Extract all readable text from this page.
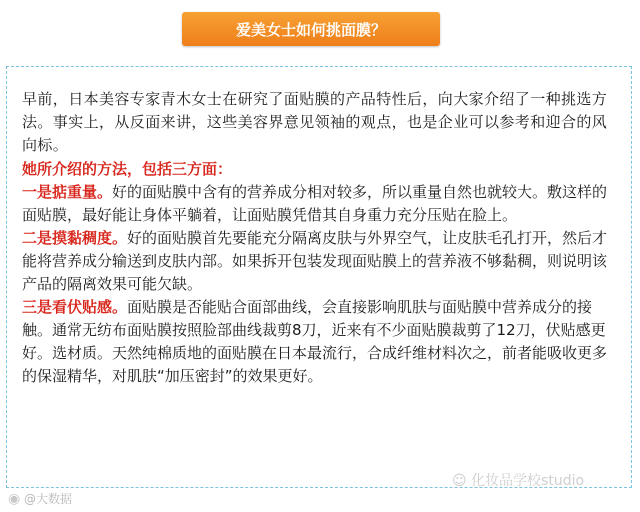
爱美女士如何挑面膜？

早前，日本美容专家青木女士在研究了面贴膜的产品特性后，向大家介绍了一种挑选方法。事实上，从反面来讲，这些美容界意见领袖的观点，也是企业可以参考和迎合的风向标。

她所介绍的方法，包括三方面：

一是掂重量。好的面贴膜中含有的营养成分相对较多，所以重量自然也就较大。敷这样的面贴膜，最好能让身体平躺着，让面贴膜凭借其自身重力充分压贴在脸上。

二是摸黏稠度。好的面贴膜首先要能充分隔离皮肤与外界空气，让皮肤毛孔打开，然后才能将营养成分输送到皮肤内部。如果拆开包装发现面贴膜上的营养液不够黏稠，则说明该产品的隔离效果可能欠缺。

三是看伏贴感。面贴膜是否能贴合面部曲线，会直接影响肌肤与面贴膜中营养成分的接触。通常无纺布面贴膜按照脸部曲线裁剪8刀，近来有不少面贴膜裁剪了12刀，伏贴感更好。选材质。天然纯棉质地的面贴膜在日本最流行，合成纤维材料次之，前者能吸收更多的保湿精华，对肌肤“加压密封”的效果更好。

◉ @大数据
☺ 化妆品学校studio
